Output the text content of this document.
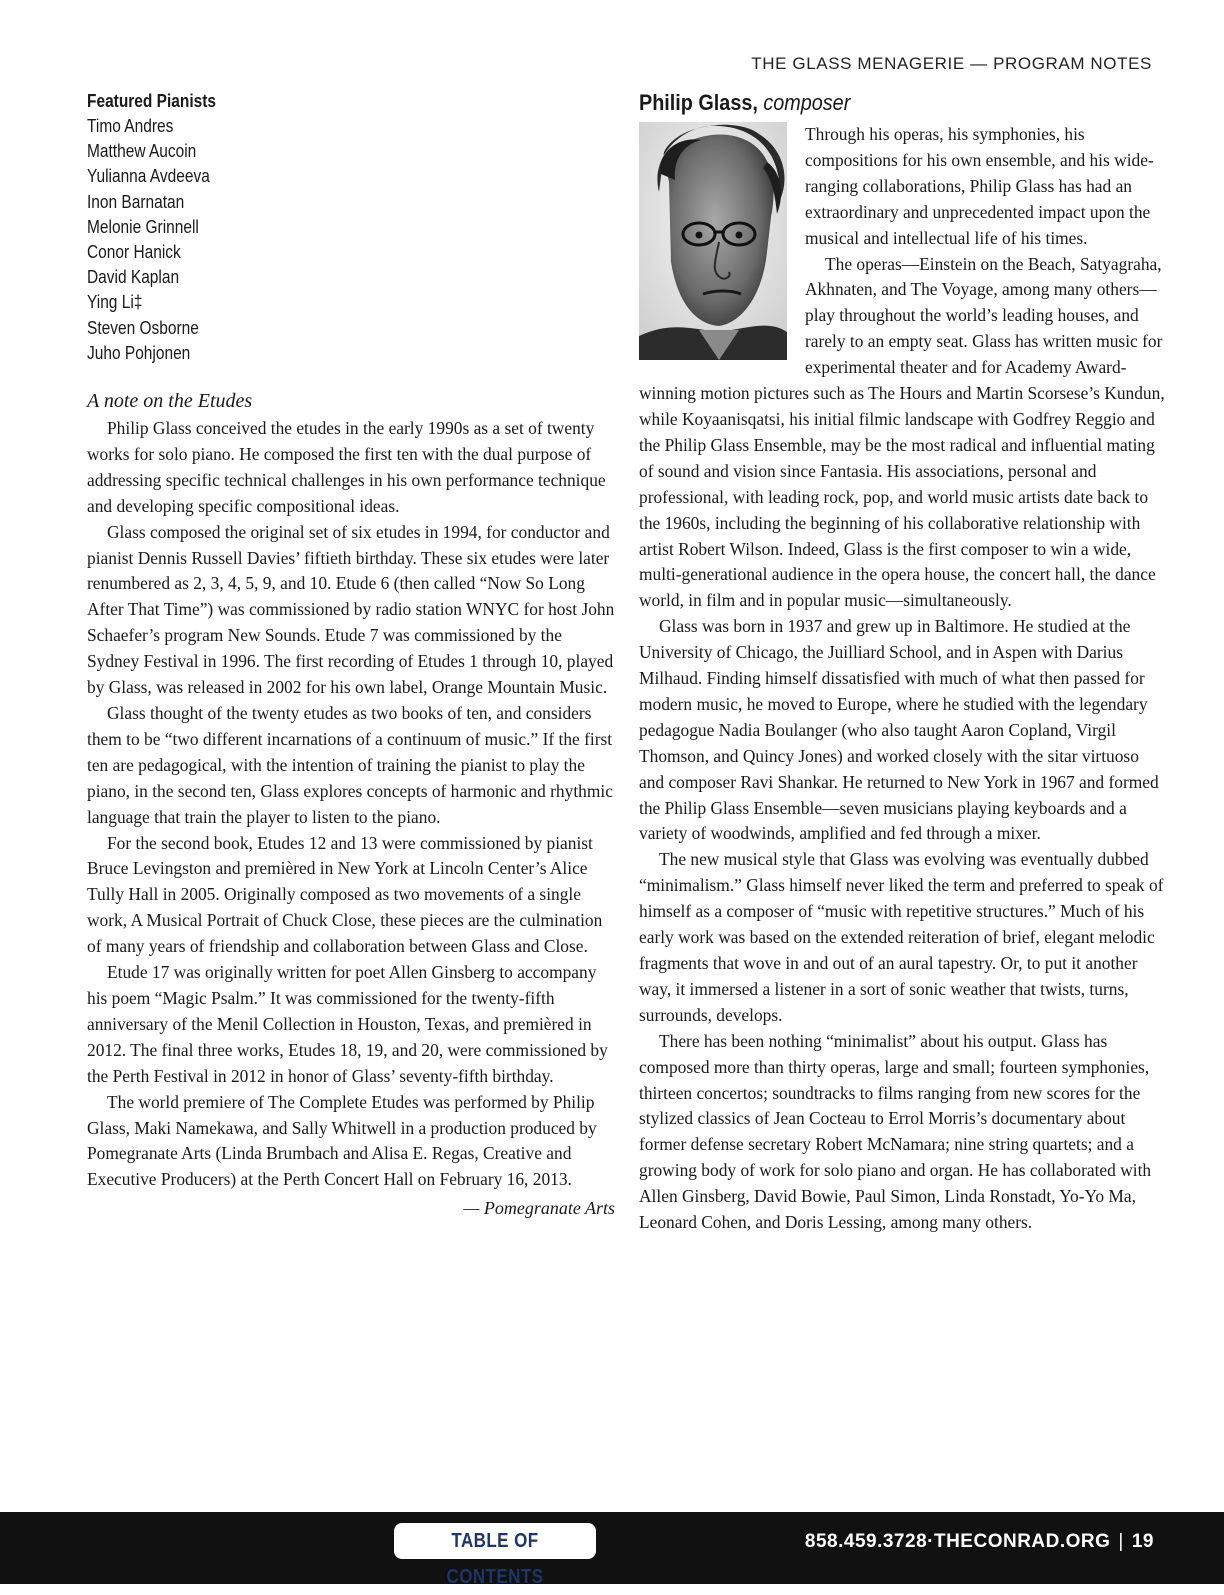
THE GLASS MENAGERIE — PROGRAM NOTES
Featured Pianists
Timo Andres
Matthew Aucoin
Yulianna Avdeeva
Inon Barnatan
Melonie Grinnell
Conor Hanick
David Kaplan
Ying Li‡
Steven Osborne
Juho Pohjonen
A note on the Etudes

Philip Glass conceived the etudes in the early 1990s as a set of twenty works for solo piano. He composed the first ten with the dual purpose of addressing specific technical challenges in his own performance technique and developing specific compositional ideas.

Glass composed the original set of six etudes in 1994, for conductor and pianist Dennis Russell Davies’ fiftieth birthday. These six etudes were later renumbered as 2, 3, 4, 5, 9, and 10. Etude 6 (then called “Now So Long After That Time”) was commissioned by radio station WNYC for host John Schaefer’s program New Sounds. Etude 7 was commissioned by the Sydney Festival in 1996. The first recording of Etudes 1 through 10, played by Glass, was released in 2002 for his own label, Orange Mountain Music.

Glass thought of the twenty etudes as two books of ten, and considers them to be “two different incarnations of a continuum of music.” If the first ten are pedagogical, with the intention of training the pianist to play the piano, in the second ten, Glass explores concepts of harmonic and rhythmic language that train the player to listen to the piano.

For the second book, Etudes 12 and 13 were commissioned by pianist Bruce Levingston and premièred in New York at Lincoln Center’s Alice Tully Hall in 2005. Originally composed as two movements of a single work, A Musical Portrait of Chuck Close, these pieces are the culmination of many years of friendship and collaboration between Glass and Close.

Etude 17 was originally written for poet Allen Ginsberg to accompany his poem “Magic Psalm.” It was commissioned for the twenty-fifth anniversary of the Menil Collection in Houston, Texas, and premièred in 2012. The final three works, Etudes 18, 19, and 20, were commissioned by the Perth Festival in 2012 in honor of Glass’ seventy-fifth birthday.

The world premiere of The Complete Etudes was performed by Philip Glass, Maki Namekawa, and Sally Whitwell in a production produced by Pomegranate Arts (Linda Brumbach and Alisa E. Regas, Creative and Executive Producers) at the Perth Concert Hall on February 16, 2013.

— Pomegranate Arts
Philip Glass, composer

Through his operas, his symphonies, his compositions for his own ensemble, and his wide-ranging collaborations, Philip Glass has had an extraordinary and unprecedented impact upon the musical and intellectual life of his times.

The operas—Einstein on the Beach, Satyagraha, Akhnaten, and The Voyage, among many others—play throughout the world’s leading houses, and rarely to an empty seat. Glass has written music for experimental theater and for Academy Award-winning motion pictures such as The Hours and Martin Scorsese’s Kundun, while Koyaanisqatsi, his initial filmic landscape with Godfrey Reggio and the Philip Glass Ensemble, may be the most radical and influential mating of sound and vision since Fantasia. His associations, personal and professional, with leading rock, pop, and world music artists date back to the 1960s, including the beginning of his collaborative relationship with artist Robert Wilson. Indeed, Glass is the first composer to win a wide, multi-generational audience in the opera house, the concert hall, the dance world, in film and in popular music—simultaneously.

Glass was born in 1937 and grew up in Baltimore. He studied at the University of Chicago, the Juilliard School, and in Aspen with Darius Milhaud. Finding himself dissatisfied with much of what then passed for modern music, he moved to Europe, where he studied with the legendary pedagogue Nadia Boulanger (who also taught Aaron Copland, Virgil Thomson, and Quincy Jones) and worked closely with the sitar virtuoso and composer Ravi Shankar. He returned to New York in 1967 and formed the Philip Glass Ensemble—seven musicians playing keyboards and a variety of woodwinds, amplified and fed through a mixer.

The new musical style that Glass was evolving was eventually dubbed “minimalism.” Glass himself never liked the term and preferred to speak of himself as a composer of “music with repetitive structures.” Much of his early work was based on the extended reiteration of brief, elegant melodic fragments that wove in and out of an aural tapestry. Or, to put it another way, it immersed a listener in a sort of sonic weather that twists, turns, surrounds, develops.

There has been nothing “minimalist” about his output. Glass has composed more than thirty operas, large and small; fourteen symphonies, thirteen concertos; soundtracks to films ranging from new scores for the stylized classics of Jean Cocteau to Errol Morris’s documentary about former defense secretary Robert McNamara; nine string quartets; and a growing body of work for solo piano and organ. He has collaborated with Allen Ginsberg, David Bowie, Paul Simon, Linda Ronstadt, Yo-Yo Ma, Leonard Cohen, and Doris Lessing, among many others.

TABLE OF CONTENTS
858.459.3728·THECONRAD.ORG | 19
